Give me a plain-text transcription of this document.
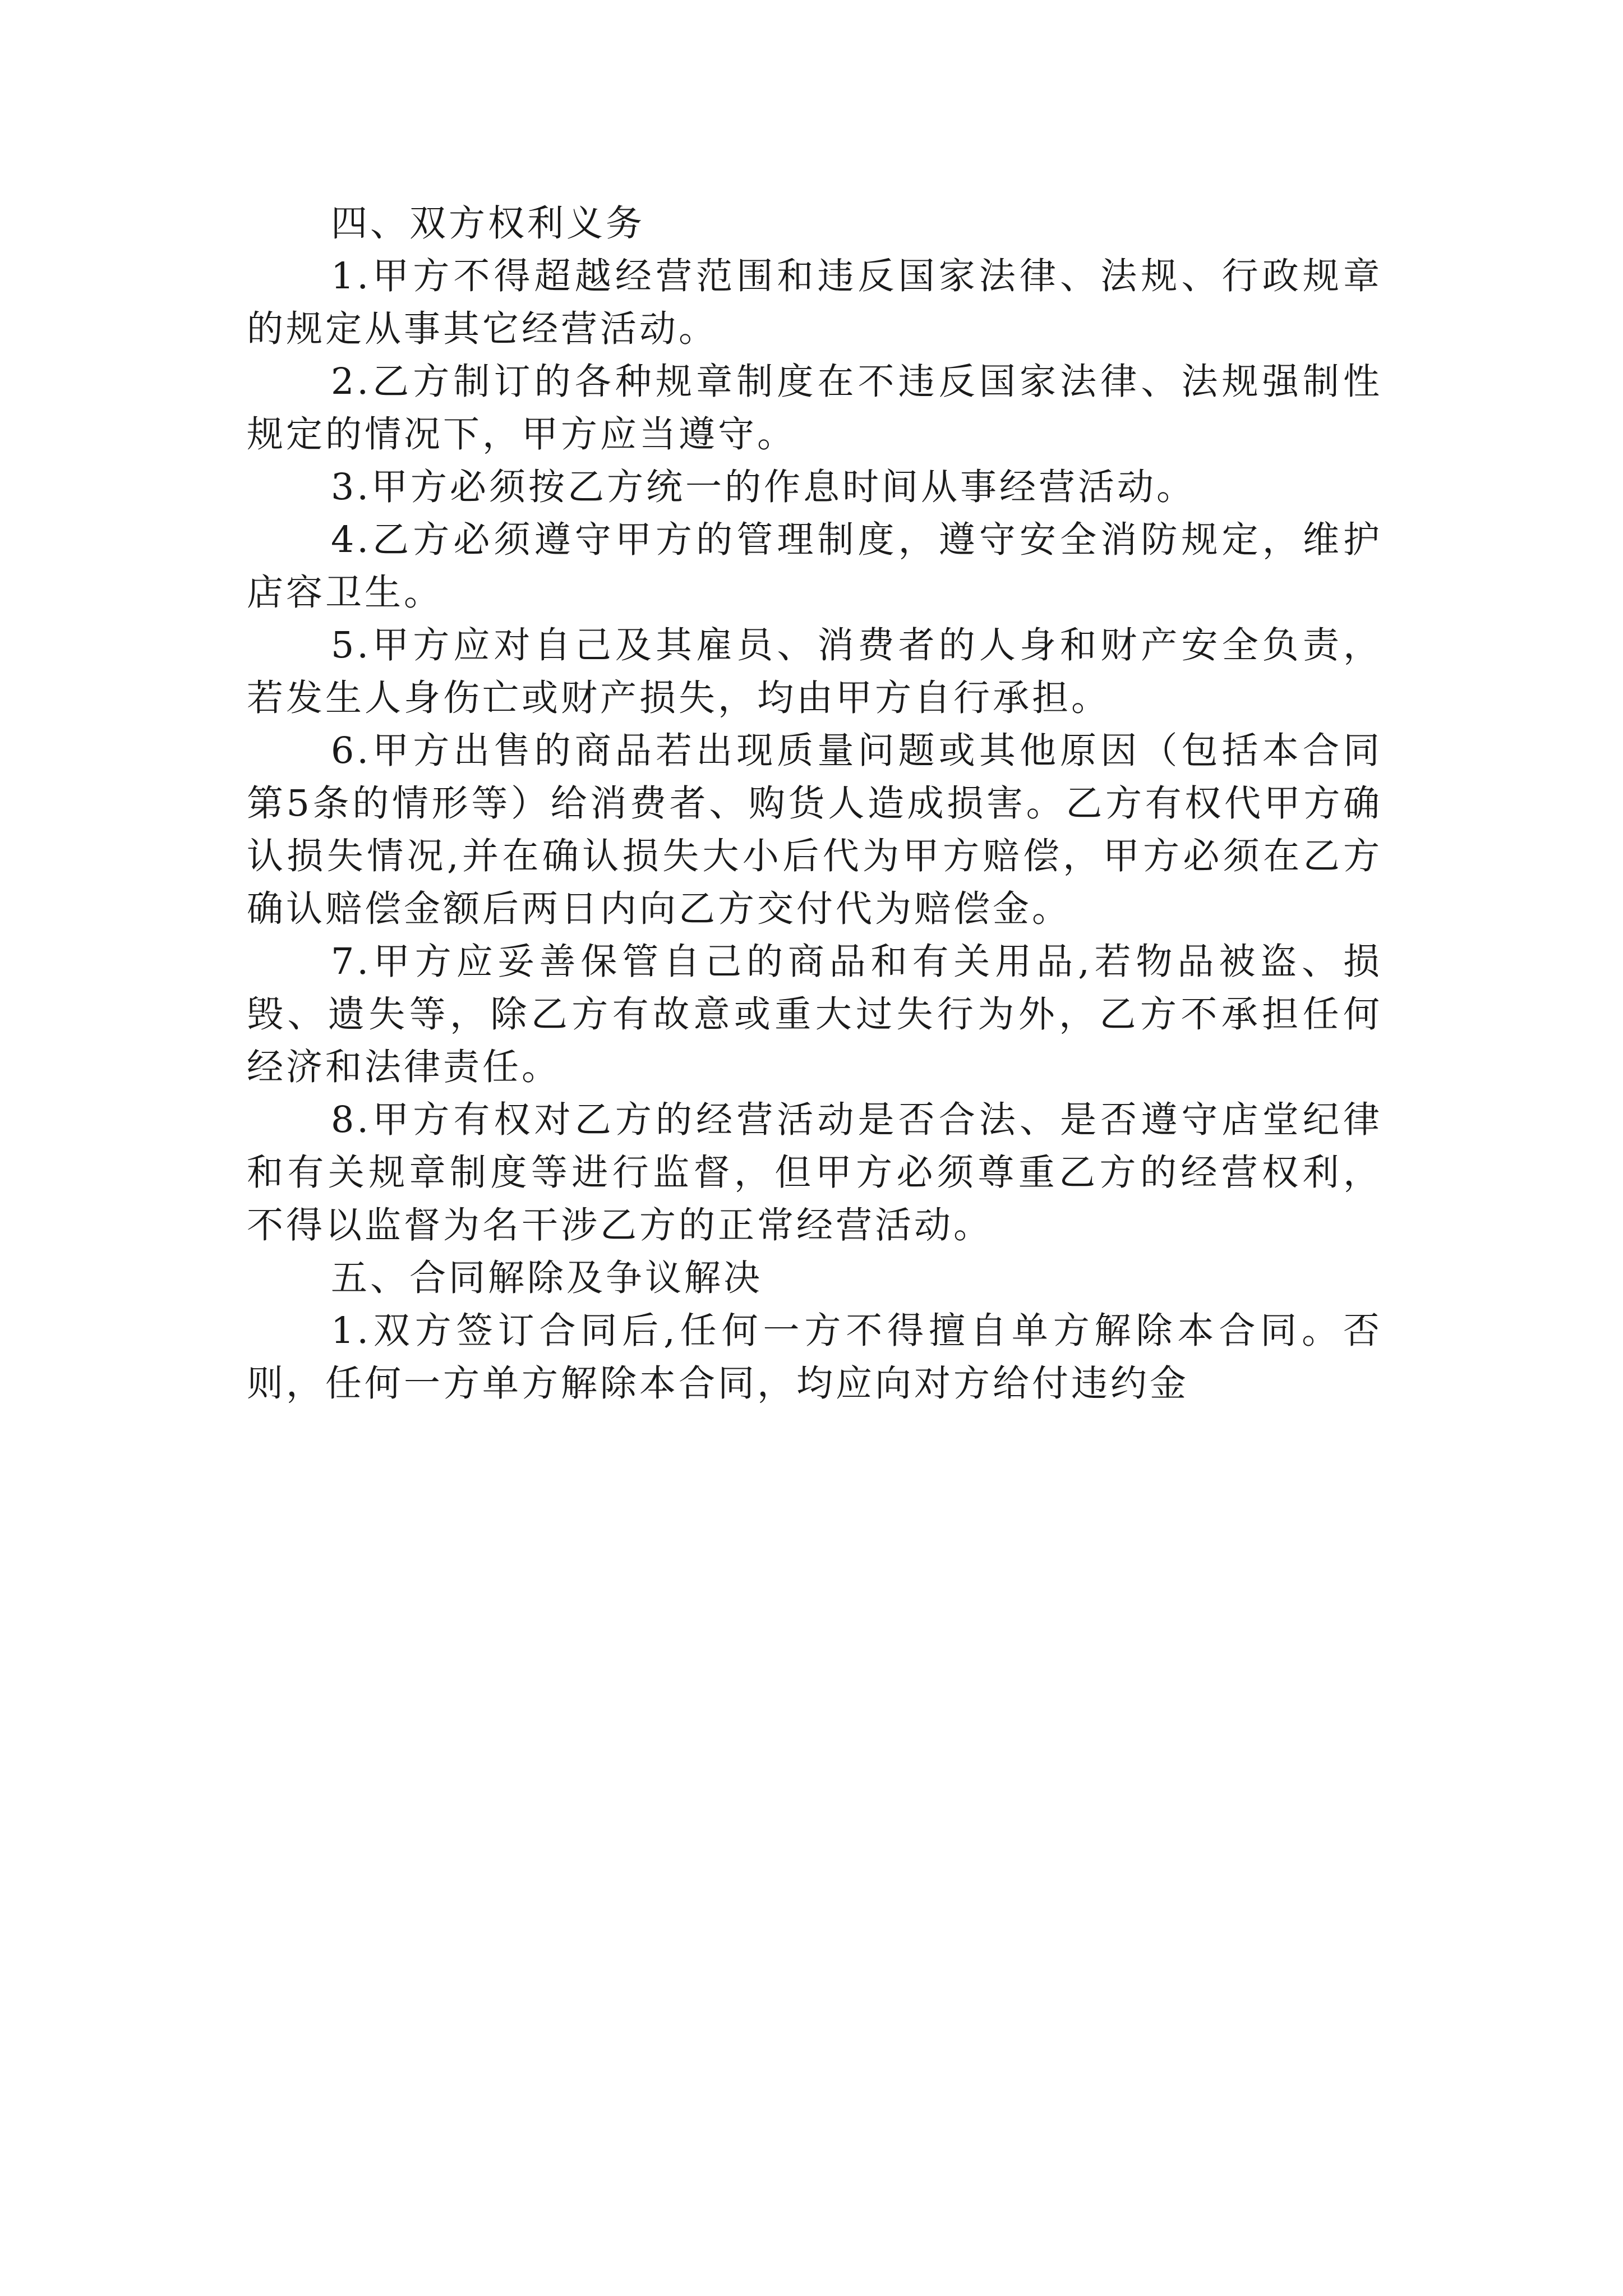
四、双方权利义务

1.甲方不得超越经营范围和违反国家法律、法规、行政规章的规定从事其它经营活动。

2.乙方制订的各种规章制度在不违反国家法律、法规强制性规定的情况下，甲方应当遵守。

3.甲方必须按乙方统一的作息时间从事经营活动。

4.乙方必须遵守甲方的管理制度，遵守安全消防规定，维护店容卫生。

5.甲方应对自己及其雇员、消费者的人身和财产安全负责，若发生人身伤亡或财产损失，均由甲方自行承担。

6.甲方出售的商品若出现质量问题或其他原因（包括本合同第5条的情形等）给消费者、购货人造成损害。乙方有权代甲方确认损失情况,并在确认损失大小后代为甲方赔偿，甲方必须在乙方确认赔偿金额后两日内向乙方交付代为赔偿金。

7.甲方应妥善保管自己的商品和有关用品,若物品被盗、损毁、遗失等，除乙方有故意或重大过失行为外，乙方不承担任何经济和法律责任。

8.甲方有权对乙方的经营活动是否合法、是否遵守店堂纪律和有关规章制度等进行监督，但甲方必须尊重乙方的经营权利，不得以监督为名干涉乙方的正常经营活动。

五、合同解除及争议解决

1.双方签订合同后,任何一方不得擅自单方解除本合同。否则，任何一方单方解除本合同，均应向对方给付违约金
